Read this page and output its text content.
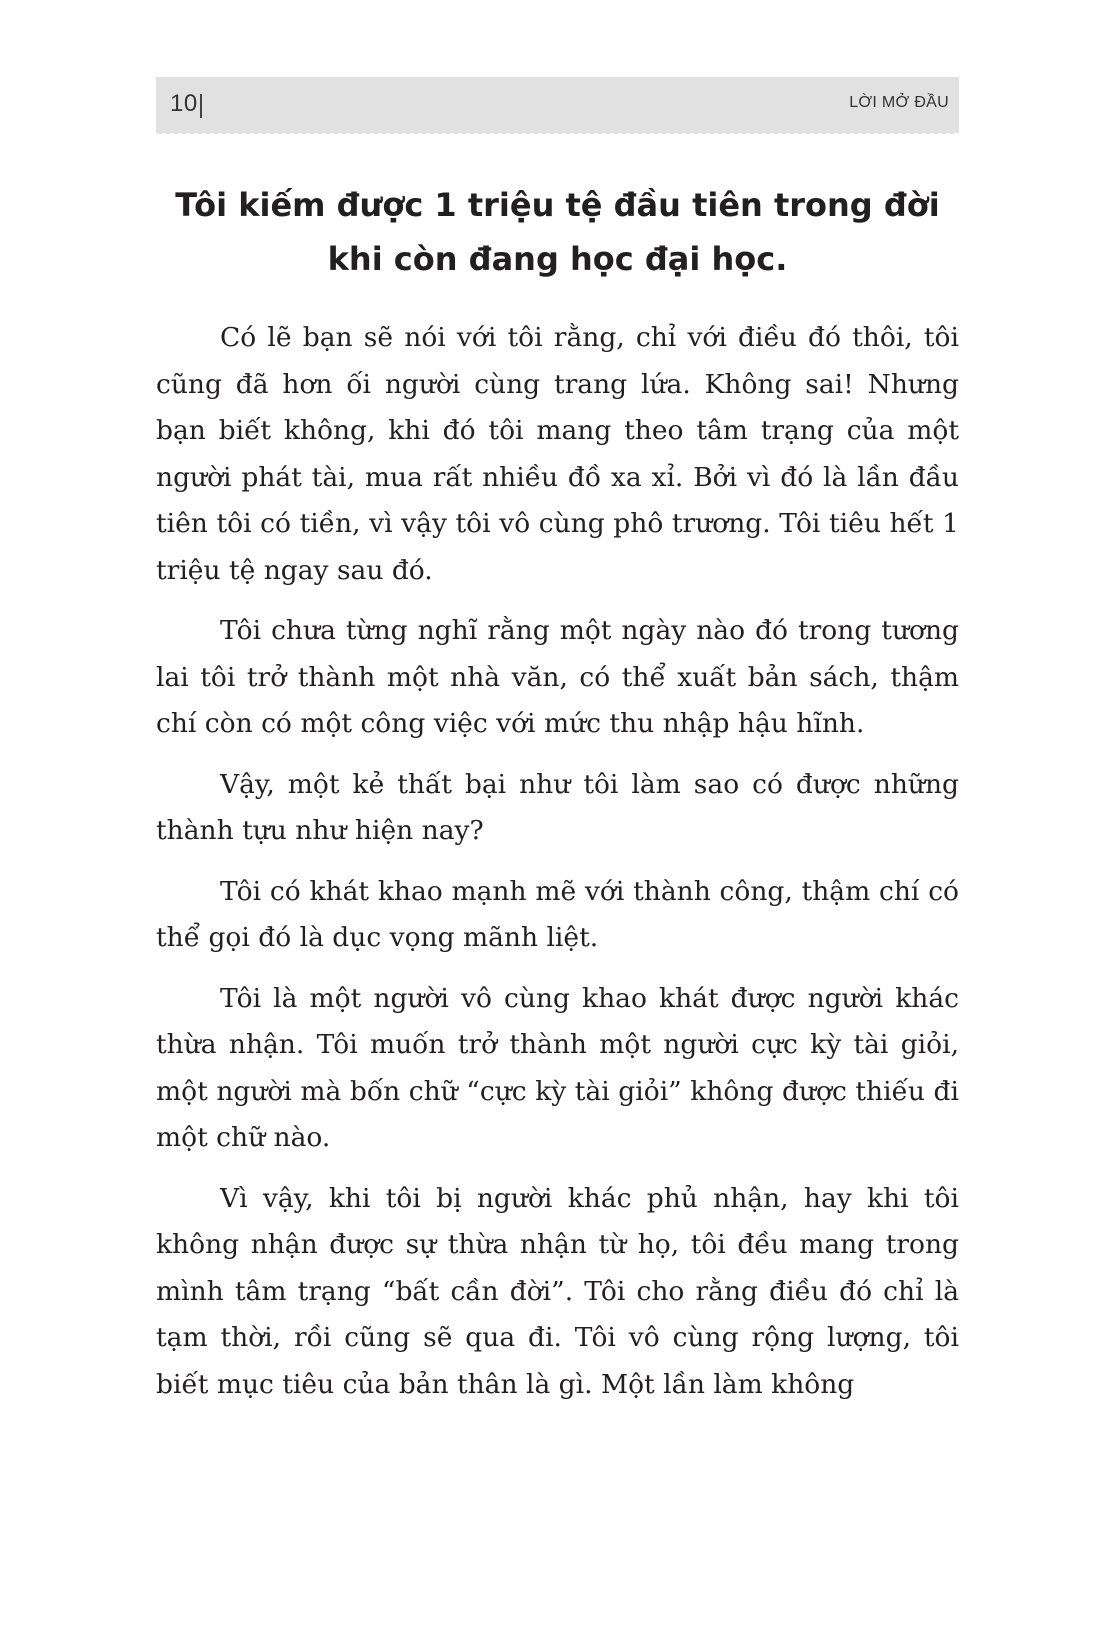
10	LỜI MỞ ĐẦU
Tôi kiếm được 1 triệu tệ đầu tiên trong đời
khi còn đang học đại học.

Có lẽ bạn sẽ nói với tôi rằng, chỉ với điều đó thôi, tôi cũng đã hơn ối người cùng trang lứa. Không sai! Nhưng bạn biết không, khi đó tôi mang theo tâm trạng của một người phát tài, mua rất nhiều đồ xa xỉ. Bởi vì đó là lần đầu tiên tôi có tiền, vì vậy tôi vô cùng phô trương. Tôi tiêu hết 1 triệu tệ ngay sau đó.

Tôi chưa từng nghĩ rằng một ngày nào đó trong tương lai tôi trở thành một nhà văn, có thể xuất bản sách, thậm chí còn có một công việc với mức thu nhập hậu hĩnh.

Vậy, một kẻ thất bại như tôi làm sao có được những thành tựu như hiện nay?

Tôi có khát khao mạnh mẽ với thành công, thậm chí có thể gọi đó là dục vọng mãnh liệt.

Tôi là một người vô cùng khao khát được người khác thừa nhận. Tôi muốn trở thành một người cực kỳ tài giỏi, một người mà bốn chữ “cực kỳ tài giỏi” không được thiếu đi một chữ nào.

Vì vậy, khi tôi bị người khác phủ nhận, hay khi tôi không nhận được sự thừa nhận từ họ, tôi đều mang trong mình tâm trạng “bất cần đời”. Tôi cho rằng điều đó chỉ là tạm thời, rồi cũng sẽ qua đi. Tôi vô cùng rộng lượng, tôi biết mục tiêu của bản thân là gì. Một lần làm không
